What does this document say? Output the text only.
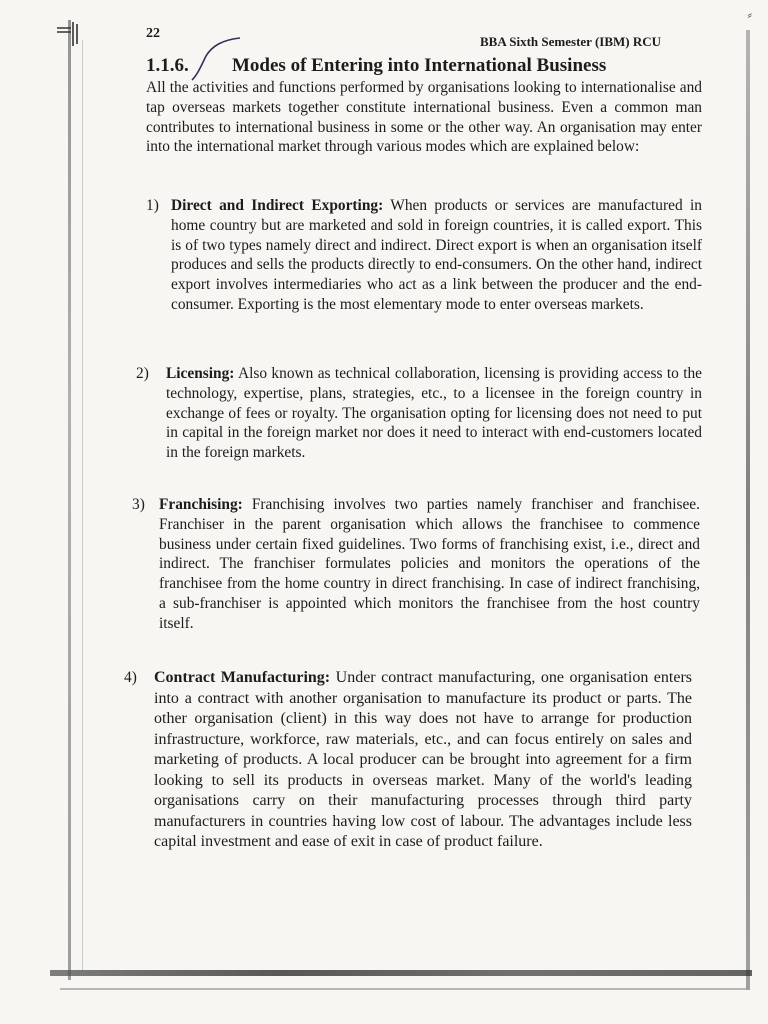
⸗
22
BBA Sixth Semester (IBM) RCU
1.1.6. Modes of Entering into International Business
All the activities and functions performed by organisations looking to internationalise and tap overseas markets together constitute international business. Even a common man contributes to international business in some or the other way. An organisation may enter into the international market through various modes which are explained below:
1) Direct and Indirect Exporting: When products or services are manufactured in home country but are marketed and sold in foreign countries, it is called export. This is of two types namely direct and indirect. Direct export is when an organisation itself produces and sells the products directly to end-consumers. On the other hand, indirect export involves intermediaries who act as a link between the producer and the end-consumer. Exporting is the most elementary mode to enter overseas markets.
2) Licensing: Also known as technical collaboration, licensing is providing access to the technology, expertise, plans, strategies, etc., to a licensee in the foreign country in exchange of fees or royalty. The organisation opting for licensing does not need to put in capital in the foreign market nor does it need to interact with end-customers located in the foreign markets.
3) Franchising: Franchising involves two parties namely franchiser and franchisee. Franchiser in the parent organisation which allows the franchisee to commence business under certain fixed guidelines. Two forms of franchising exist, i.e., direct and indirect. The franchiser formulates policies and monitors the operations of the franchisee from the home country in direct franchising. In case of indirect franchising, a sub-franchiser is appointed which monitors the franchisee from the host country itself.
4) Contract Manufacturing: Under contract manufacturing, one organisation enters into a contract with another organisation to manufacture its product or parts. The other organisation (client) in this way does not have to arrange for production infrastructure, workforce, raw materials, etc., and can focus entirely on sales and marketing of products. A local producer can be brought into agreement for a firm looking to sell its products in overseas market. Many of the world's leading organisations carry on their manufacturing processes through third party manufacturers in countries having low cost of labour. The advantages include less capital investment and ease of exit in case of product failure.
